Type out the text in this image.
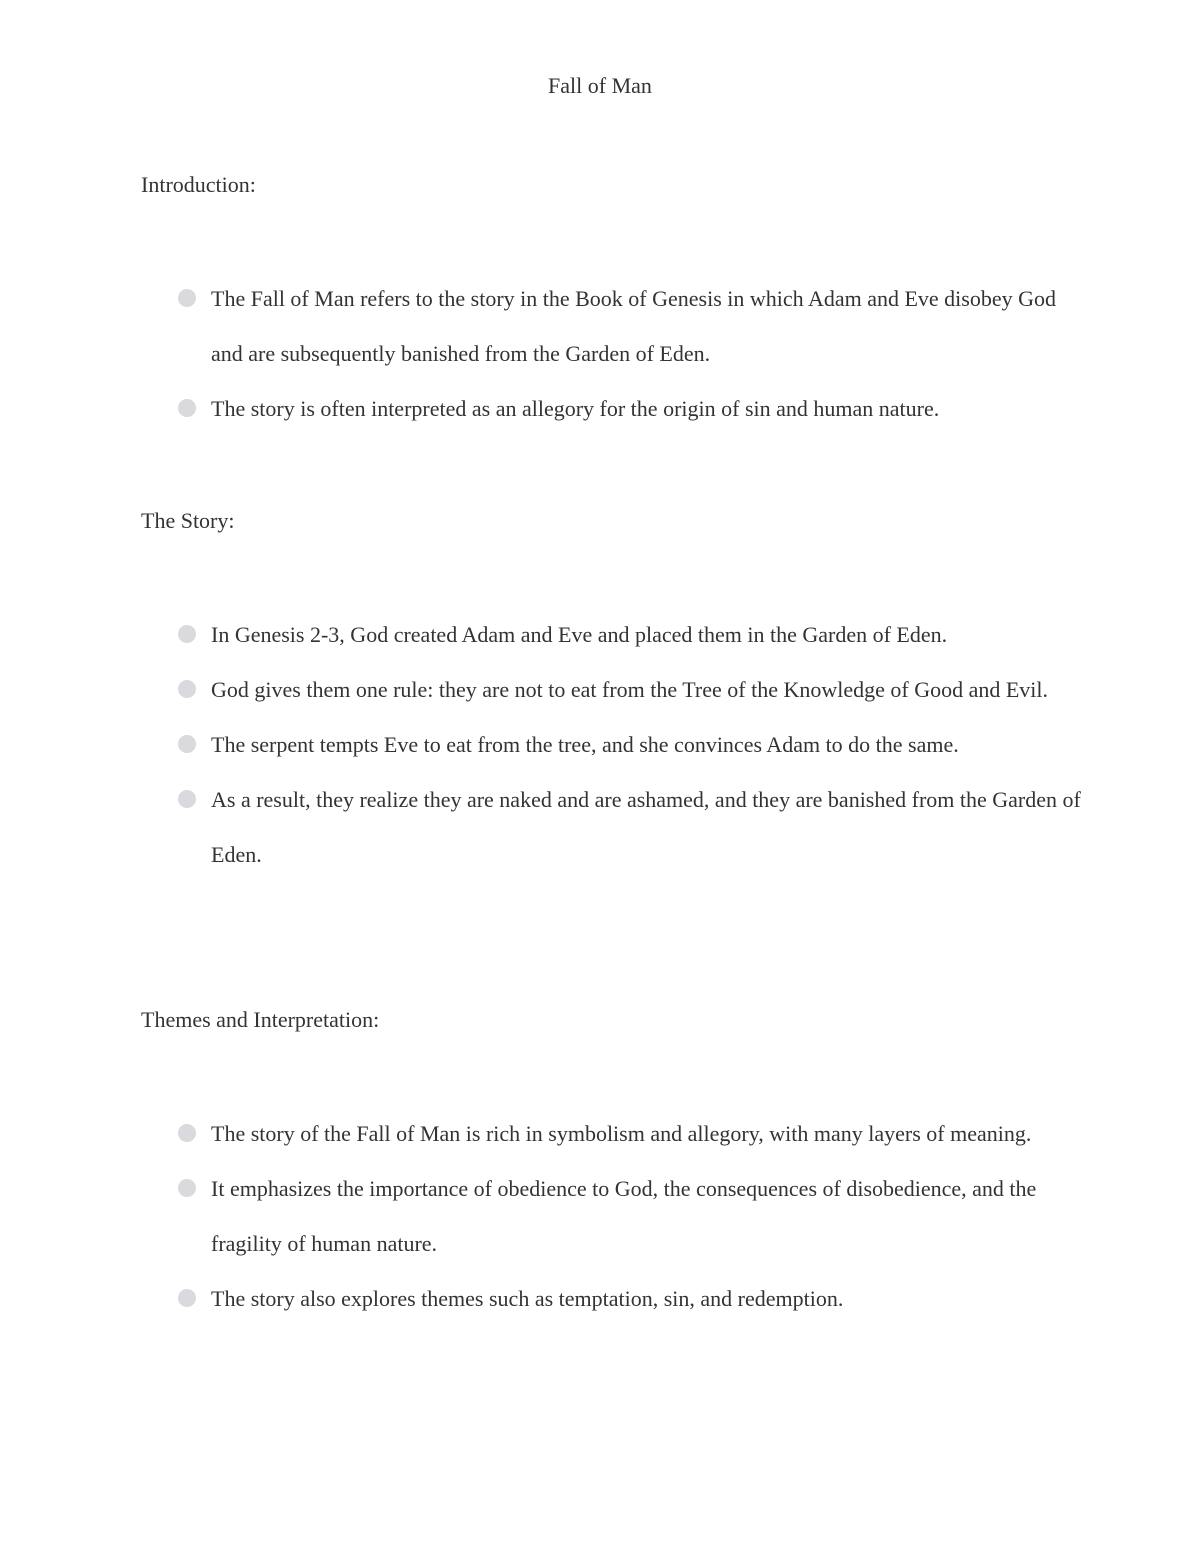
Fall of Man
Introduction:
The Fall of Man refers to the story in the Book of Genesis in which Adam and Eve disobey God and are subsequently banished from the Garden of Eden.
The story is often interpreted as an allegory for the origin of sin and human nature.
The Story:
In Genesis 2-3, God created Adam and Eve and placed them in the Garden of Eden.
God gives them one rule: they are not to eat from the Tree of the Knowledge of Good and Evil.
The serpent tempts Eve to eat from the tree, and she convinces Adam to do the same.
As a result, they realize they are naked and are ashamed, and they are banished from the Garden of Eden.
Themes and Interpretation:
The story of the Fall of Man is rich in symbolism and allegory, with many layers of meaning.
It emphasizes the importance of obedience to God, the consequences of disobedience, and the fragility of human nature.
The story also explores themes such as temptation, sin, and redemption.
